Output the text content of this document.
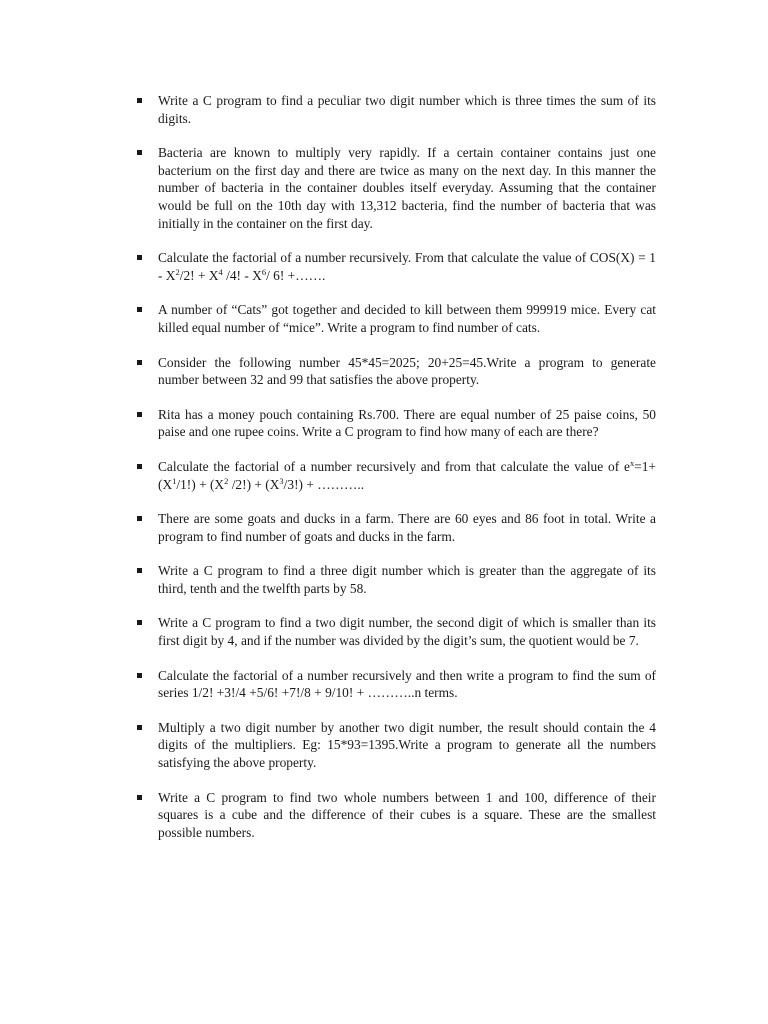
Write a C program to find a peculiar two digit number which is three times the sum of its digits.
Bacteria are known to multiply very rapidly. If a certain container contains just one bacterium on the first day and there are twice as many on the next day. In this manner the number of bacteria in the container doubles itself everyday. Assuming that the container would be full on the 10th day with 13,312 bacteria, find the number of bacteria that was initially in the container on the first day.
Calculate the factorial of a number recursively. From that calculate the value of $COS(X) = 1 - X^2/2$! + $X^4$ /4! - $X^6/$ 6! +…….
A number of “Cats” got together and decided to kill between them 999919 mice. Every cat killed equal number of “mice”. Write a program to find number of cats.
Consider the following number 45*45=2025; 20+25=45.Write a program to generate number between 32 and 99 that satisfies the above property.
Rita has a money pouch containing Rs.700. There are equal number of 25 paise coins, 50 paise and one rupee coins. Write a C program to find how many of each are there?
Calculate the factorial of a number recursively and from that calculate the value of $e^x=1+ (X^1/1!) + (X^2$ $/2!) + (X^3/3!)$ + ………..
There are some goats and ducks in a farm. There are 60 eyes and 86 foot in total. Write a program to find number of goats and ducks in the farm.
Write a C program to find a three digit number which is greater than the aggregate of its third, tenth and the twelfth parts by 58.
Write a C program to find a two digit number, the second digit of which is smaller than its first digit by 4, and if the number was divided by the digit’s sum, the quotient would be 7.
Calculate the factorial of a number recursively and then write a program to find the sum of series 1/2! +3!/4 +5/6! +7!/8 + 9/10! + ………..n terms.
Multiply a two digit number by another two digit number, the result should contain the 4 digits of the multipliers. Eg: 15*93=1395.Write a program to generate all the numbers satisfying the above property.
Write a C program to find two whole numbers between 1 and 100, difference of their squares is a cube and the difference of their cubes is a square. These are the smallest possible numbers.
